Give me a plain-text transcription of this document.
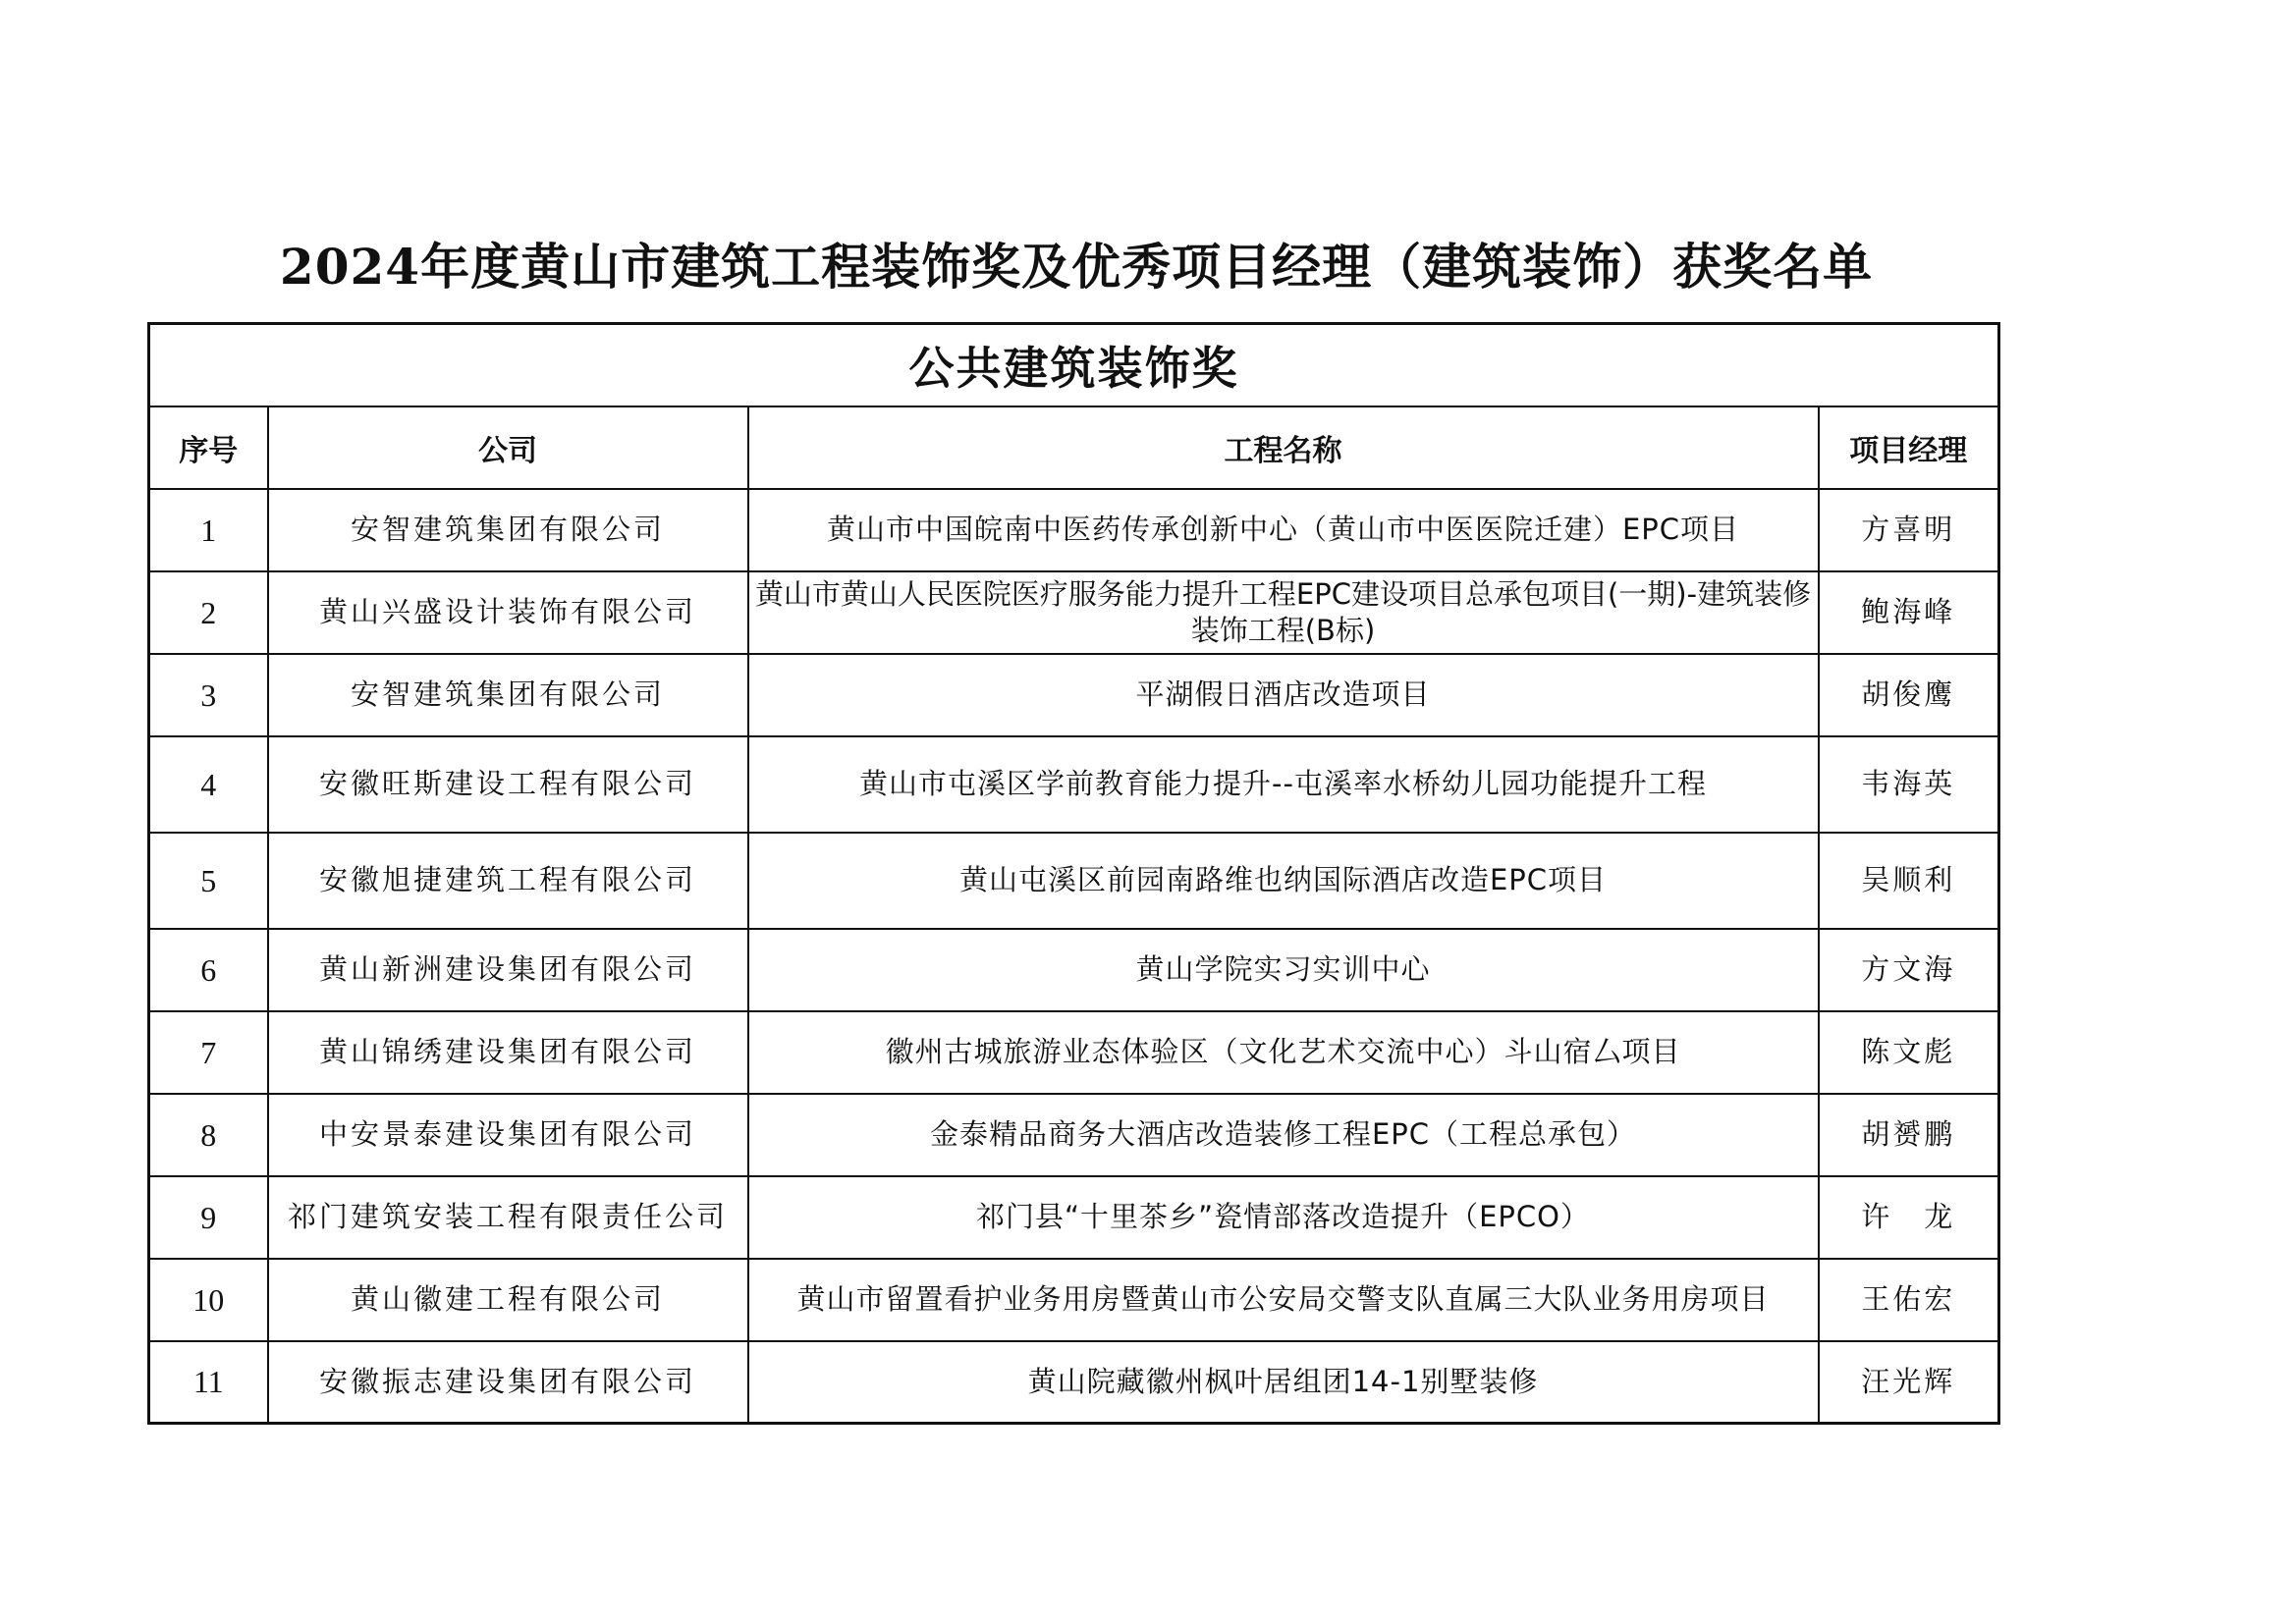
2024年度黄山市建筑工程装饰奖及优秀项目经理（建筑装饰）获奖名单
公共建筑装饰奖			
序号	公司	工程名称	项目经理
1	安智建筑集团有限公司	黄山市中国皖南中医药传承创新中心（黄山市中医医院迁建）EPC项目	方喜明
2	黄山兴盛设计装饰有限公司	黄山市黄山人民医院医疗服务能力提升工程EPC建设项目总承包项目(一期)-建筑装修装饰工程(B标)	鲍海峰
3	安智建筑集团有限公司	平湖假日酒店改造项目	胡俊鹰
4	安徽旺斯建设工程有限公司	黄山市屯溪区学前教育能力提升--屯溪率水桥幼儿园功能提升工程	韦海英
5	安徽旭捷建筑工程有限公司	黄山屯溪区前园南路维也纳国际酒店改造EPC项目	吴顺利
6	黄山新洲建设集团有限公司	黄山学院实习实训中心	方文海
7	黄山锦绣建设集团有限公司	徽州古城旅游业态体验区（文化艺术交流中心）斗山宿厶项目	陈文彪
8	中安景泰建设集团有限公司	金泰精品商务大酒店改造装修工程EPC（工程总承包）	胡赟鹏
9	祁门建筑安装工程有限责任公司	祁门县“十里茶乡”瓷情部落改造提升（EPCO）	许　龙
10	黄山徽建工程有限公司	黄山市留置看护业务用房暨黄山市公安局交警支队直属三大队业务用房项目	王佑宏
11	安徽振志建设集团有限公司	黄山院藏徽州枫叶居组团14-1别墅装修	汪光辉
